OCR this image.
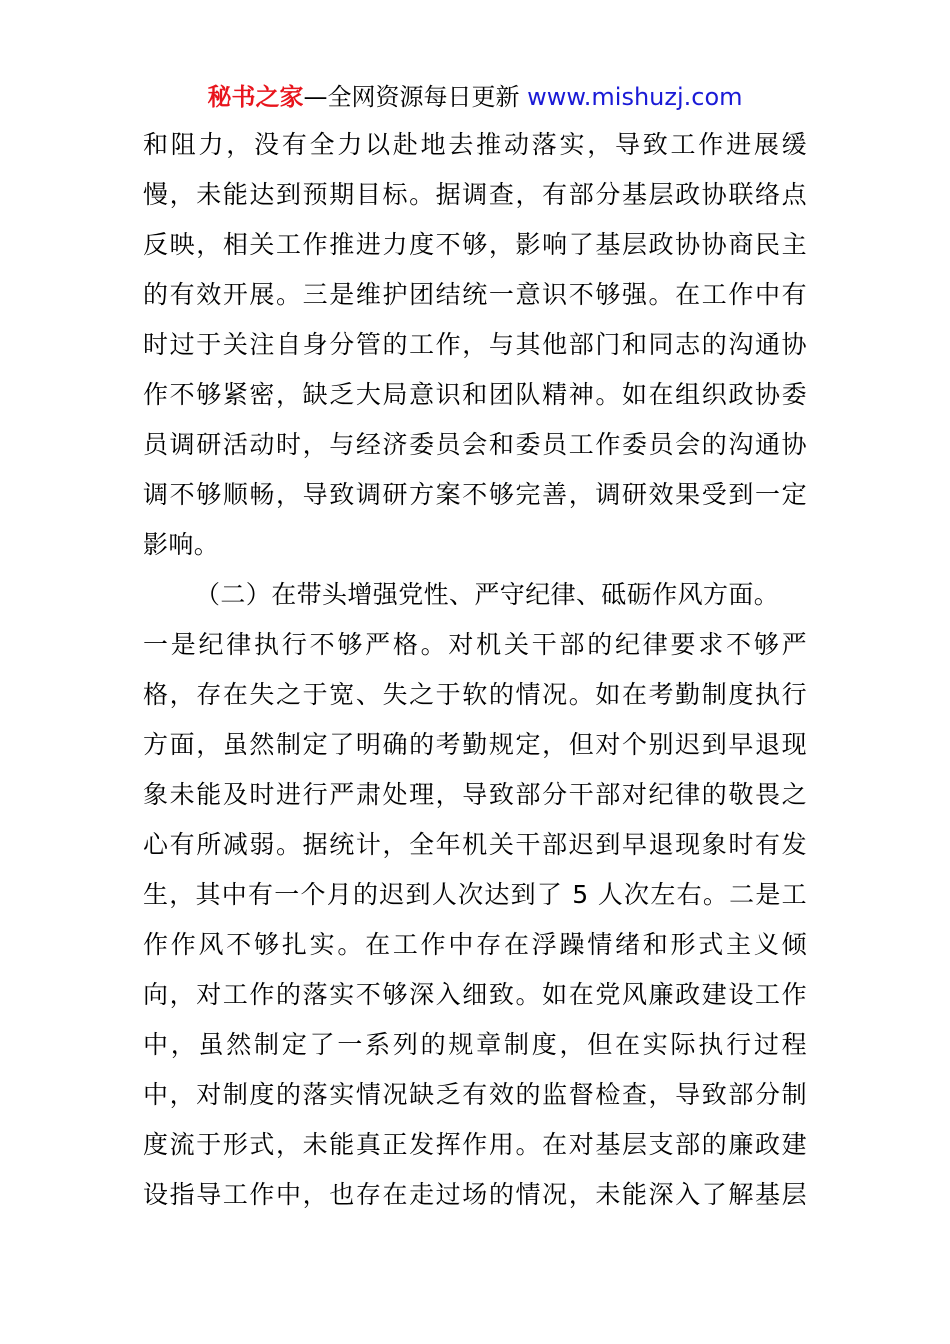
秘书之家—全网资源每日更新 www.mishuzj.com
和阻力，没有全力以赴地去推动落实，导致工作进展缓
慢，未能达到预期目标。据调查，有部分基层政协联络点
反映，相关工作推进力度不够，影响了基层政协协商民主
的有效开展。三是维护团结统一意识不够强。在工作中有
时过于关注自身分管的工作，与其他部门和同志的沟通协
作不够紧密，缺乏大局意识和团队精神。如在组织政协委
员调研活动时，与经济委员会和委员工作委员会的沟通协
调不够顺畅，导致调研方案不够完善，调研效果受到一定
影响。
（二）在带头增强党性、严守纪律、砥砺作风方面。
一是纪律执行不够严格。对机关干部的纪律要求不够严
格，存在失之于宽、失之于软的情况。如在考勤制度执行
方面，虽然制定了明确的考勤规定，但对个别迟到早退现
象未能及时进行严肃处理，导致部分干部对纪律的敬畏之
心有所减弱。据统计，全年机关干部迟到早退现象时有发
生，其中有一个月的迟到人次达到了 5 人次左右。二是工
作作风不够扎实。在工作中存在浮躁情绪和形式主义倾
向，对工作的落实不够深入细致。如在党风廉政建设工作
中，虽然制定了一系列的规章制度，但在实际执行过程
中，对制度的落实情况缺乏有效的监督检查，导致部分制
度流于形式，未能真正发挥作用。在对基层支部的廉政建
设指导工作中，也存在走过场的情况，未能深入了解基层
